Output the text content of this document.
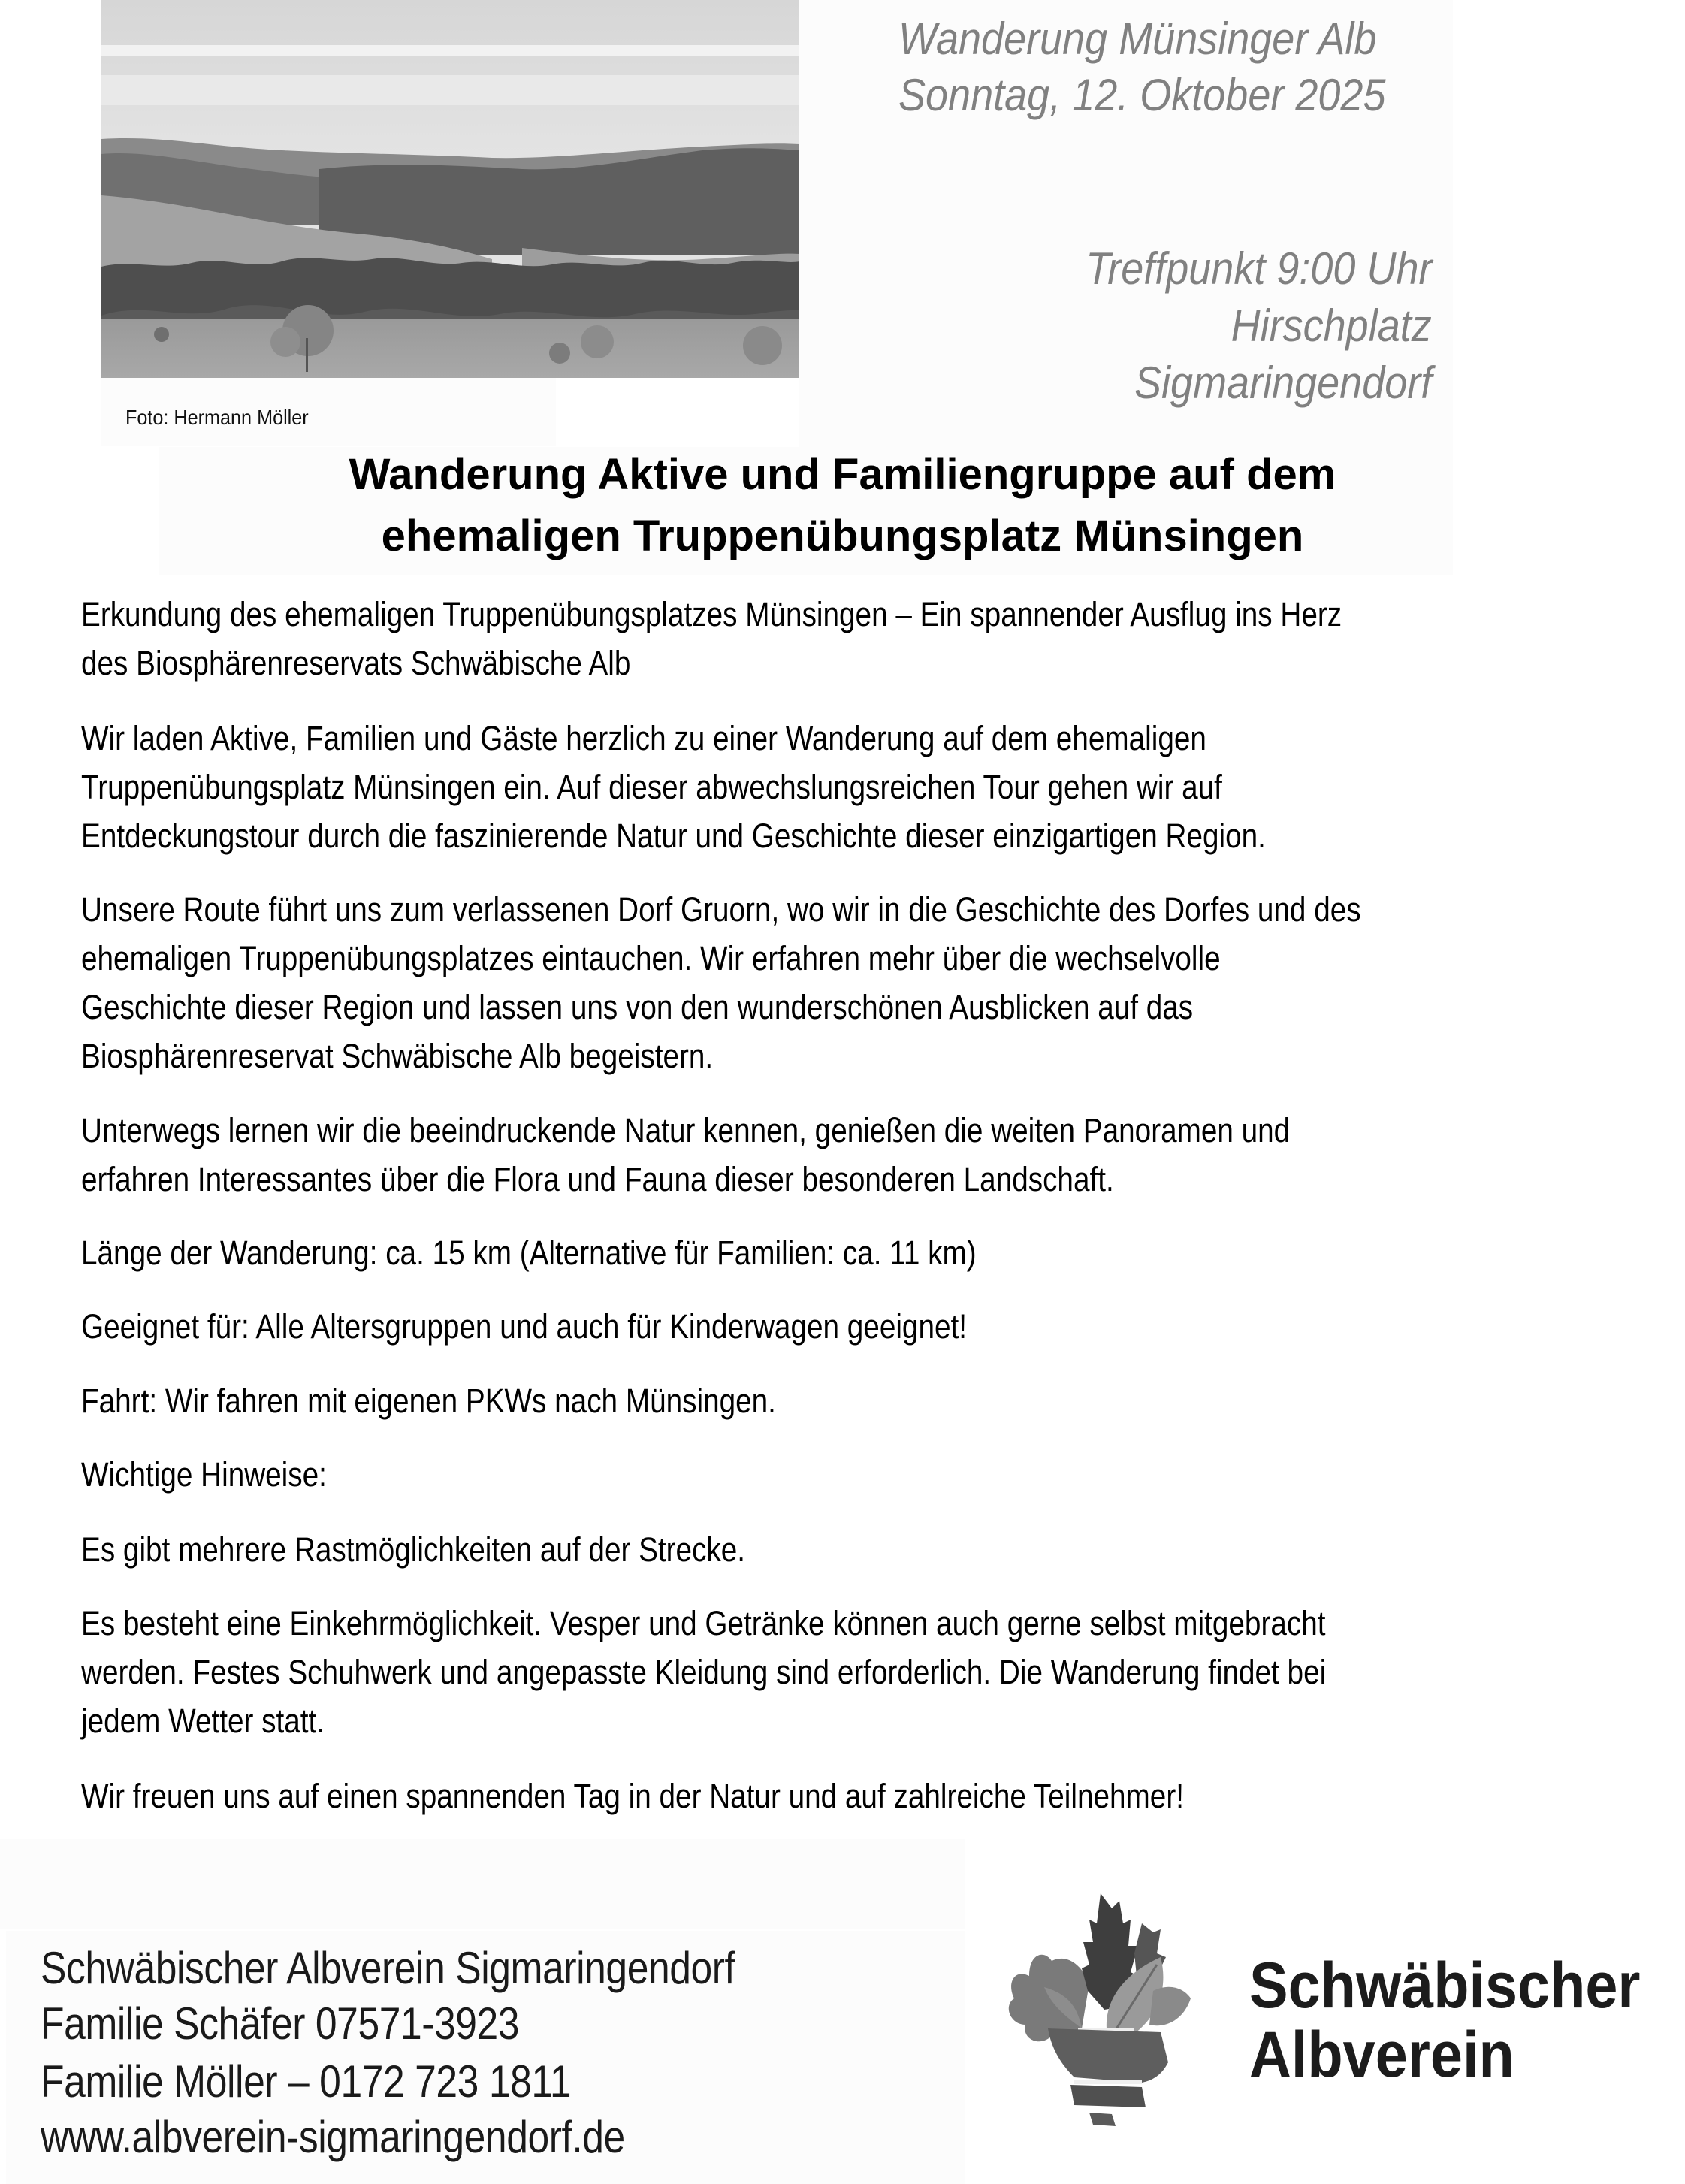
Foto: Hermann Möller
Wanderung Münsinger Alb
Sonntag, 12. Oktober 2025
Treffpunkt 9:00 Uhr
Hirschplatz
Sigmaringendorf
Wanderung Aktive und Familiengruppe auf dem
ehemaligen Truppenübungsplatz Münsingen
Erkundung des ehemaligen Truppenübungsplatzes Münsingen – Ein spannender Ausflug ins Herz
des Biosphärenreservats Schwäbische Alb
Wir laden Aktive, Familien und Gäste herzlich zu einer Wanderung auf dem ehemaligen
Truppenübungsplatz Münsingen ein. Auf dieser abwechslungsreichen Tour gehen wir auf
Entdeckungstour durch die faszinierende Natur und Geschichte dieser einzigartigen Region.
Unsere Route führt uns zum verlassenen Dorf Gruorn, wo wir in die Geschichte des Dorfes und des
ehemaligen Truppenübungsplatzes eintauchen. Wir erfahren mehr über die wechselvolle
Geschichte dieser Region und lassen uns von den wunderschönen Ausblicken auf das
Biosphärenreservat Schwäbische Alb begeistern.
Unterwegs lernen wir die beeindruckende Natur kennen, genießen die weiten Panoramen und
erfahren Interessantes über die Flora und Fauna dieser besonderen Landschaft.
Länge der Wanderung: ca. 15 km (Alternative für Familien: ca. 11 km)
Geeignet für: Alle Altersgruppen und auch für Kinderwagen geeignet!
Fahrt: Wir fahren mit eigenen PKWs nach Münsingen.
Wichtige Hinweise:
Es gibt mehrere Rastmöglichkeiten auf der Strecke.
Es besteht eine Einkehrmöglichkeit. Vesper und Getränke können auch gerne selbst mitgebracht
werden. Festes Schuhwerk und angepasste Kleidung sind erforderlich. Die Wanderung findet bei
jedem Wetter statt.
Wir freuen uns auf einen spannenden Tag in der Natur und auf zahlreiche Teilnehmer!
Schwäbischer Albverein Sigmaringendorf
Familie Schäfer 07571-3923
Familie Möller – 0172 723 1811
www.albverein-sigmaringendorf.de
Schwäbischer
Albverein
